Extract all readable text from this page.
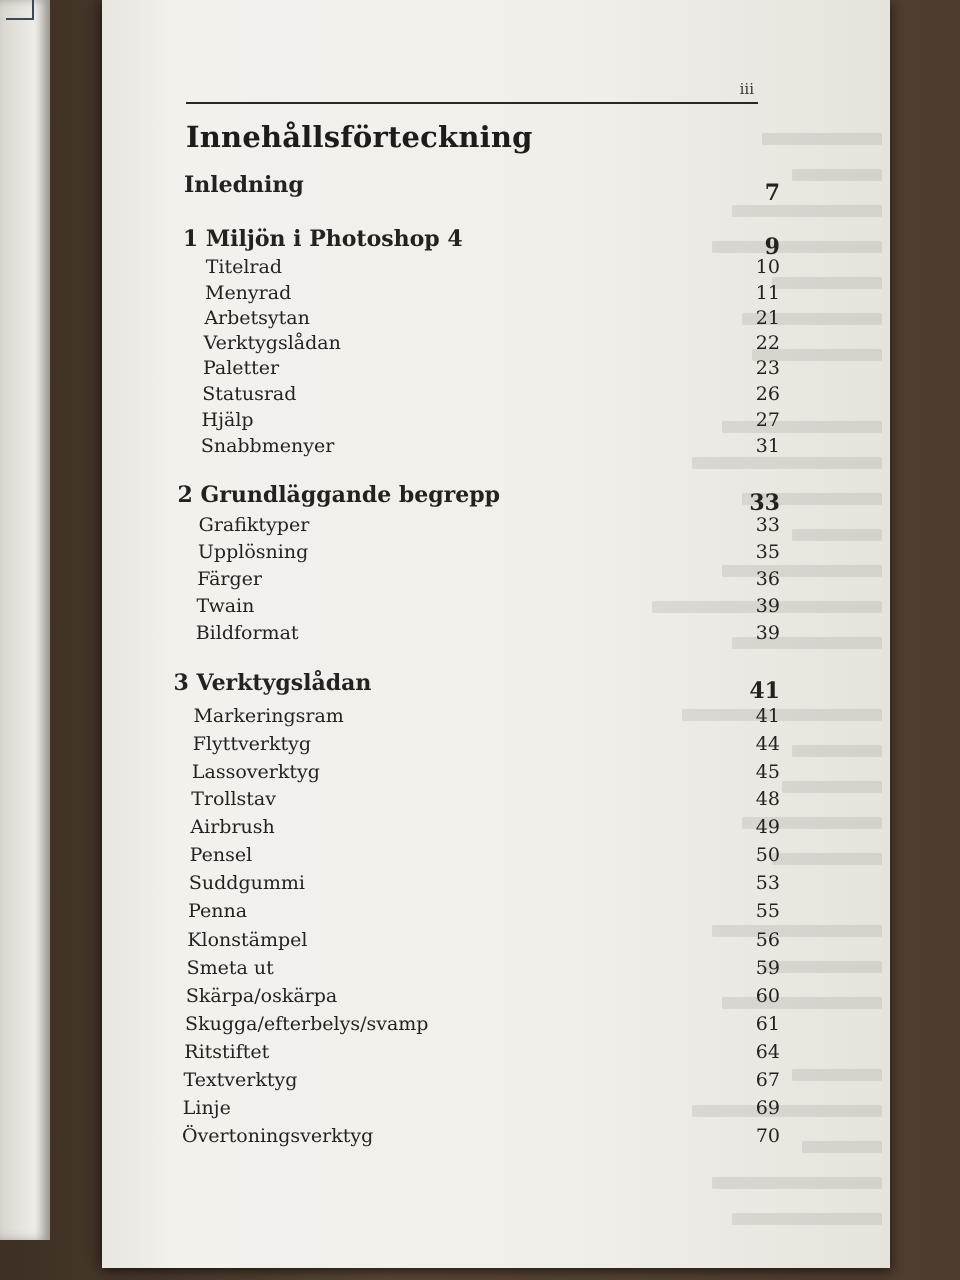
iii
Innehållsförteckning
Inledning	7
1 Miljön i Photoshop 4	9
Titelrad	10
Menyrad	11
Arbetsytan	21
Verktygslådan	22
Paletter	23
Statusrad	26
Hjälp	27
Snabbmenyer	31
2 Grundläggande begrepp	33
Grafiktyper	33
Upplösning	35
Färger	36
Twain	39
Bildformat	39
3 Verktygslådan	41
Markeringsram	41
Flyttverktyg	44
Lassoverktyg	45
Trollstav	48
Airbrush	49
Pensel	50
Suddgummi	53
Penna	55
Klonstämpel	56
Smeta ut	59
Skärpa/oskärpa	60
Skugga/efterbelys/svamp	61
Ritstiftet	64
Textverktyg	67
Linje	69
Övertoningsverktyg	70
